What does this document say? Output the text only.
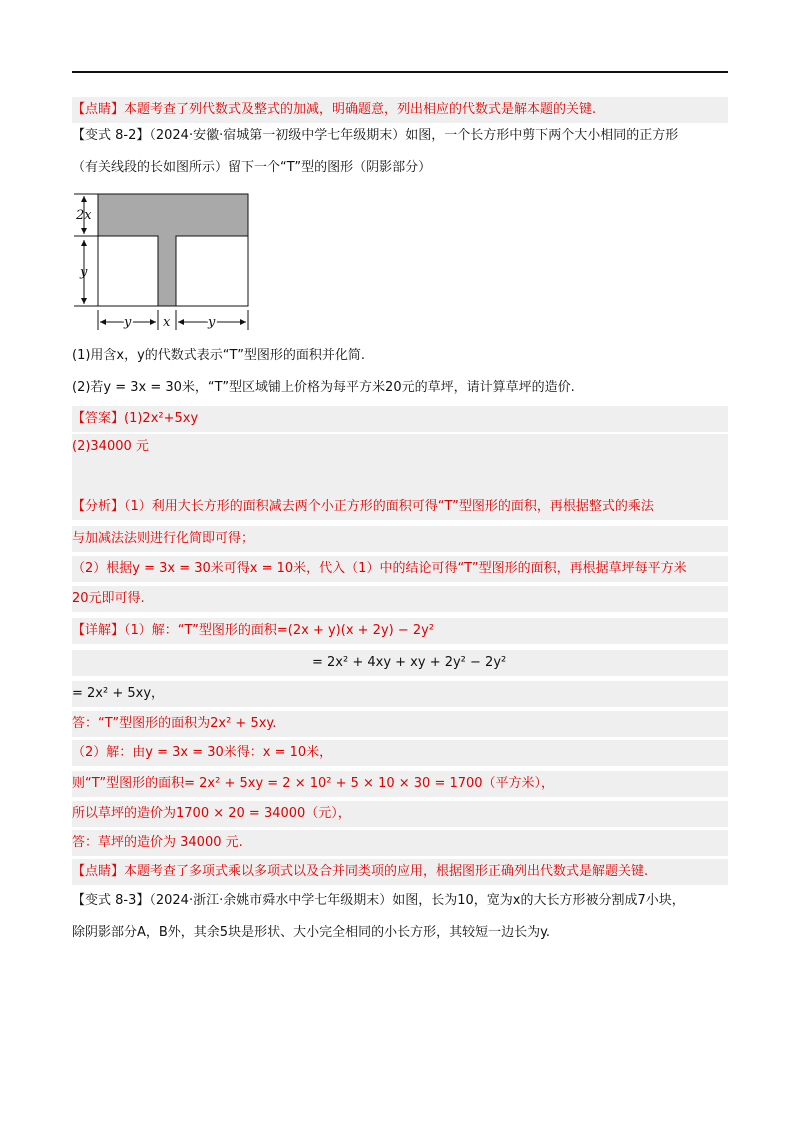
【点睛】本题考查了列代数式及整式的加减，明确题意，列出相应的代数式是解本题的关键.
【变式 8-2】（2024·安徽·宿城第一初级中学七年级期末）如图，一个长方形中剪下两个大小相同的正方形
（有关线段的长如图所示）留下一个“T”型的图形（阴影部分）
2x
y
y x	y
(1)用含x，y的代数式表示“T”型图形的面积并化简.
(2)若y = 3x = 30米，“T”型区域铺上价格为每平方米20元的草坪，请计算草坪的造价.
【答案】(1)2x²+5xy
(2)34000 元
【分析】（1）利用大长方形的面积减去两个小正方形的面积可得“T”型图形的面积，再根据整式的乘法
与加减法法则进行化简即可得；
（2）根据y = 3x = 30米可得x = 10米，代入（1）中的结论可得“T”型图形的面积，再根据草坪每平方米
20元即可得.
【详解】（1）解：“T”型图形的面积=(2x + y)(x + 2y) − 2y²
= 2x² + 4xy + xy + 2y² − 2y²
= 2x² + 5xy，
答：“T”型图形的面积为2x² + 5xy.
（2）解：由y = 3x = 30米得：x = 10米，
则“T”型图形的面积= 2x² + 5xy = 2 × 10² + 5 × 10 × 30 = 1700（平方米），
所以草坪的造价为1700 × 20 = 34000（元），
答：草坪的造价为 34000 元.
【点睛】本题考查了多项式乘以多项式以及合并同类项的应用，根据图形正确列出代数式是解题关键.
【变式 8-3】（2024·浙江·余姚市舜水中学七年级期末）如图，长为10，宽为x的大长方形被分割成7小块，
除阴影部分A，B外，其余5块是形状、大小完全相同的小长方形，其较短一边长为y.
